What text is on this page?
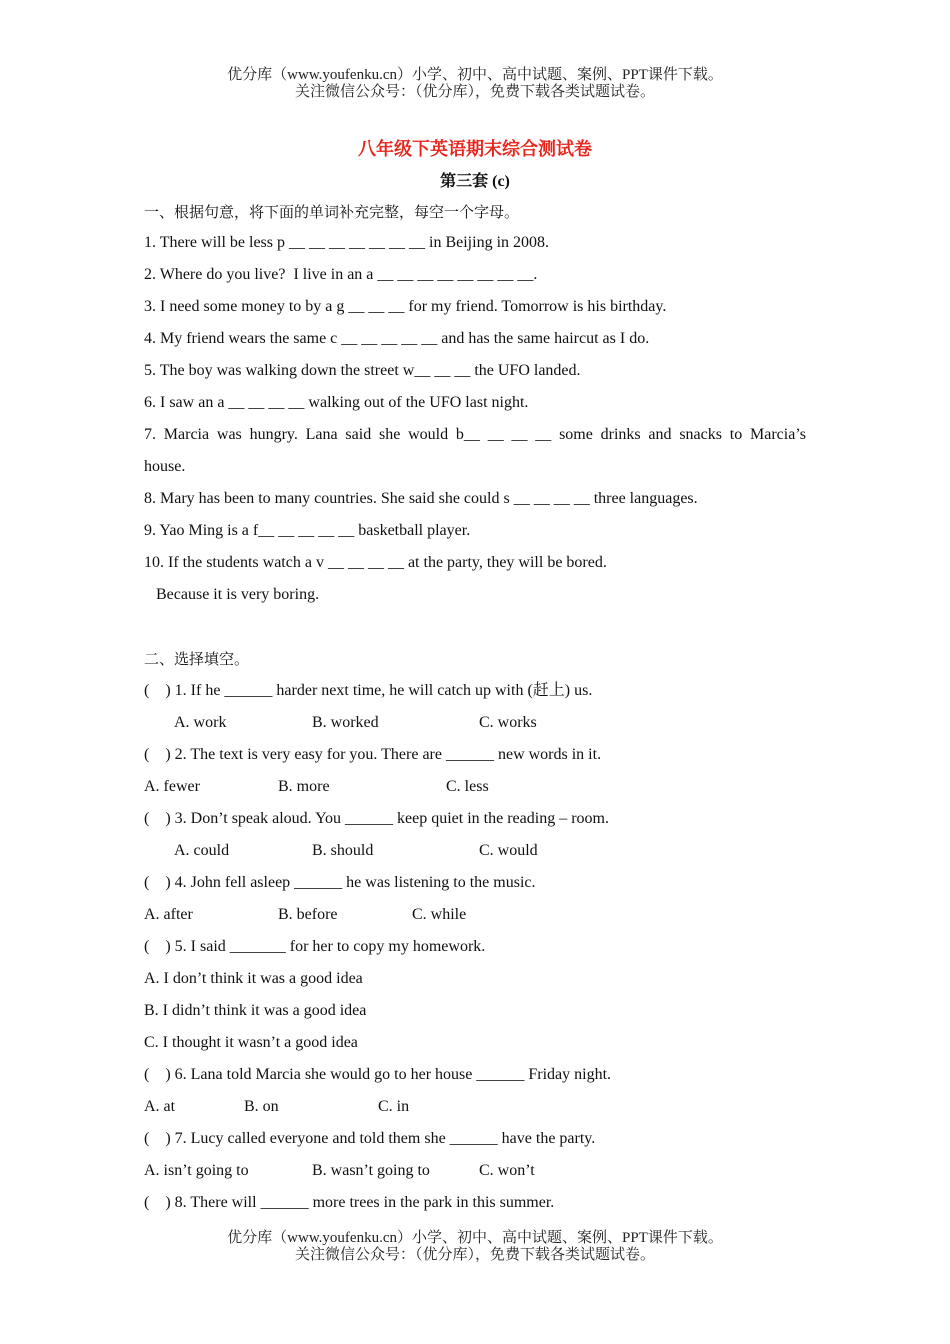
优分库（www.youfenku.cn）小学、初中、高中试题、案例、PPT课件下载。
关注微信公众号：（优分库），免费下载各类试题试卷。
八年级下英语期末综合测试卷
第三套 (c)
一、根据句意，将下面的单词补充完整，每空一个字母。
1. There will be less p __ __ __ __ __ __ __ in Beijing in 2008.
2. Where do you live?  I live in an a __ __ __ __ __ __ __ __.
3. I need some money to by a g __ __ __ for my friend. Tomorrow is his birthday.
4. My friend wears the same c __ __ __ __ __ and has the same haircut as I do.
5. The boy was walking down the street w__ __ __ the UFO landed.
6. I saw an a __ __ __ __ walking out of the UFO last night.
7. Marcia was hungry. Lana said she would b__ __ __ __ some drinks and snacks to Marcia’s
house.
8. Mary has been to many countries. She said she could s __ __ __ __ three languages.
9. Yao Ming is a f__ __ __ __ __ basketball player.
10. If the students watch a v __ __ __ __ at the party, they will be bored.
Because it is very boring.
二、选择填空。
(    ) 1. If he ______ harder next time, he will catch up with (赶上) us.

A. work

	B. worked

	C. works

(    ) 2. The text is very easy for you. There are ______ new words in it.

A. fewer

	B. more

	C. less

(    ) 3. Don’t speak aloud. You ______ keep quiet in the reading – room.

A. could

	B. should

	C. would

(    ) 4. John fell asleep ______ he was listening to the music.

A. after

	B. before

	C. while

(    ) 5. I said _______ for her to copy my homework.
A. I don’t think it was a good idea
B. I didn’t think it was a good idea
C. I thought it wasn’t a good idea
(    ) 6. Lana told Marcia she would go to her house ______ Friday night.

A. at

	B. on

	C. in

(    ) 7. Lucy called everyone and told them she ______ have the party.

A. isn’t going to

	B. wasn’t going to

	C. won’t

(    ) 8. There will ______ more trees in the park in this summer.
优分库（www.youfenku.cn）小学、初中、高中试题、案例、PPT课件下载。
关注微信公众号：（优分库），免费下载各类试题试卷。
